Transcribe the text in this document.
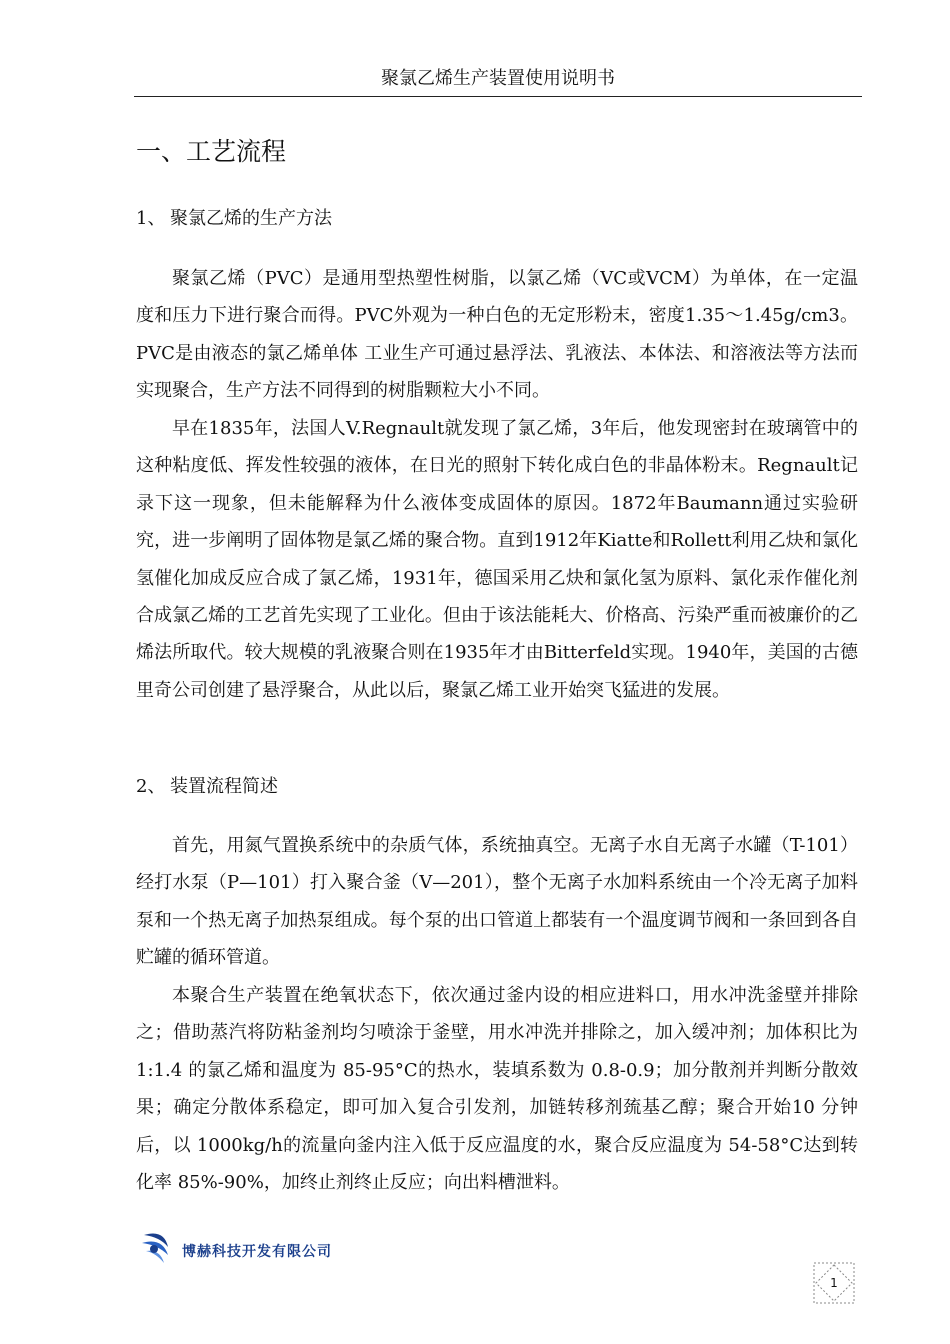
聚氯乙烯生产装置使用说明书
一、工艺流程
1、 聚氯乙烯的生产方法

聚氯乙烯（PVC）是通用型热塑性树脂，以氯乙烯（VC或VCM）为单体，在一定温度和压力下进行聚合而得。PVC外观为一种白色的无定形粉末，密度1.35～1.45g/cm3。PVC是由液态的氯乙烯单体 工业生产可通过悬浮法、乳液法、本体法、和溶液法等方法而实现聚合，生产方法不同得到的树脂颗粒大小不同。

早在1835年，法国人V.Regnault就发现了氯乙烯，3年后，他发现密封在玻璃管中的这种粘度低、挥发性较强的液体，在日光的照射下转化成白色的非晶体粉末。Regnault记录下这一现象，但未能解释为什么液体变成固体的原因。1872年Baumann通过实验研究，进一步阐明了固体物是氯乙烯的聚合物。直到1912年Kiatte和Rollett利用乙炔和氯化氢催化加成反应合成了氯乙烯，1931年，德国采用乙炔和氯化氢为原料、氯化汞作催化剂合成氯乙烯的工艺首先实现了工业化。但由于该法能耗大、价格高、污染严重而被廉价的乙烯法所取代。较大规模的乳液聚合则在1935年才由Bitterfeld实现。1940年，美国的古德里奇公司创建了悬浮聚合，从此以后，聚氯乙烯工业开始突飞猛进的发展。

2、 装置流程简述

首先，用氮气置换系统中的杂质气体，系统抽真空。无离子水自无离子水罐（T-101）经打水泵（P—101）打入聚合釜（V—201），整个无离子水加料系统由一个冷无离子加料泵和一个热无离子加热泵组成。每个泵的出口管道上都装有一个温度调节阀和一条回到各自贮罐的循环管道。

本聚合生产装置在绝氧状态下，依次通过釜内设的相应进料口，用水冲洗釜壁并排除之；借助蒸汽将防粘釜剂均匀喷涂于釜壁，用水冲洗并排除之，加入缓冲剂；加体积比为 1:1.4 的氯乙烯和温度为 85-95°C的热水，装填系数为 0.8-0.9；加分散剂并判断分散效果；确定分散体系稳定，即可加入复合引发剂，加链转移剂巯基乙醇；聚合开始10 分钟后，以 1000kg/h的流量向釜内注入低于反应温度的水，聚合反应温度为 54-58°C达到转化率 85%-90%，加终止剂终止反应；向出料槽泄料。

博赫科技开发有限公司
1
